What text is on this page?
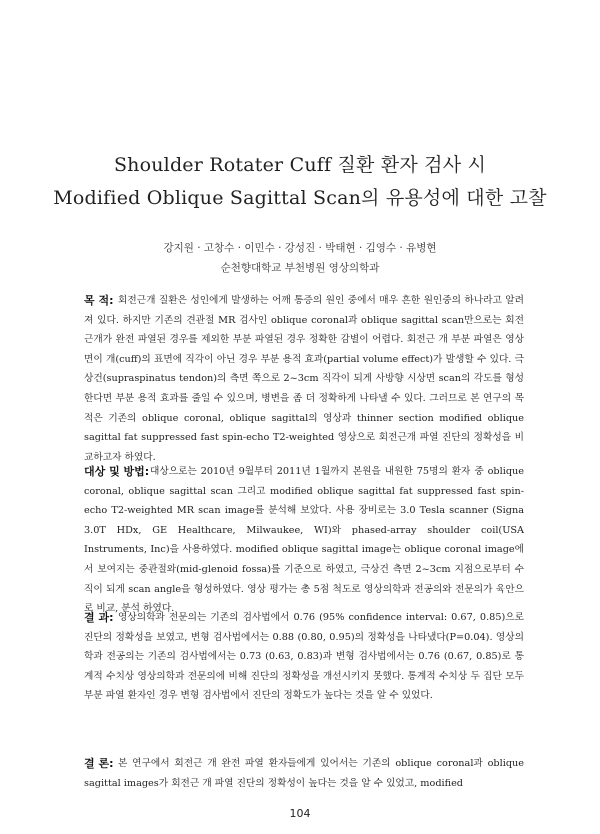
Shoulder Rotater Cuff 질환 환자 검사 시
Modified Oblique Sagittal Scan의 유용성에 대한 고찰
강지원 · 고창수 · 이민수 · 강성진 · 박태현 · 김영수 · 유병현
순천향대학교 부천병원 영상의학과
목 적: 회전근개 질환은 성인에게 발생하는 어깨 통증의 원인 중에서 매우 흔한 원인중의 하나라고 알려져 있다. 하지만 기존의 견관절 MR 검사인 oblique coronal과 oblique sagittal scan만으로는 회전근개가 완전 파열된 경우를 제외한 부분 파열된 경우 정확한 감별이 어렵다. 회전근 개 부분 파열은 영상 면이 개(cuff)의 표면에 직각이 아닌 경우 부분 용적 효과(partial volume effect)가 발생할 수 있다. 극상건(supraspinatus tendon)의 측면 쪽으로 2~3cm 직각이 되게 사방향 시상면 scan의 각도를 형성 한다면 부분 용적 효과를 줄일 수 있으며, 병변을 좀 더 정확하게 나타낼 수 있다. 그러므로 본 연구의 목적은 기존의 oblique coronal, oblique sagittal의 영상과 thinner section modified oblique sagittal fat suppressed fast spin-echo T2-weighted 영상으로 회전근개 파열 진단의 정확성을 비교하고자 하였다.

대상 및 방법: 대상으로는 2010년 9월부터 2011년 1월까지 본원을 내원한 75명의 환자 중 oblique coronal, oblique sagittal scan 그리고 modified oblique sagittal fat suppressed fast spin-echo T2-weighted MR scan image를 분석해 보았다. 사용 장비로는 3.0 Tesla scanner (Signa 3.0T HDx, GE Healthcare, Milwaukee, WI)와 phased-array shoulder coil(USA Instruments, Inc)을 사용하였다. modified oblique sagittal image는 oblique coronal image에서 보여지는 중관절와(mid-glenoid fossa)를 기준으로 하였고, 극상건 측면 2~3cm 지점으로부터 수직이 되게 scan angle을 형성하였다. 영상 평가는 총 5점 척도로 영상의학과 전공의와 전문의가 육안으로 비교, 분석 하였다.

결 과: 영상의학과 전문의는 기존의 검사법에서 0.76 (95% confidence interval: 0.67, 0.85)으로 진단의 정확성을 보였고, 변형 검사법에서는 0.88 (0.80, 0.95)의 정확성을 나타냈다(P=0.04). 영상의학과 전공의는 기존의 검사법에서는 0.73 (0.63, 0.83)과 변형 검사법에서는 0.76 (0.67, 0.85)로 통계적 수치상 영상의학과 전문의에 비해 진단의 정확성을 개선시키지 못했다. 통계적 수치상 두 집단 모두 부분 파열 환자인 경우 변형 검사법에서 진단의 정확도가 높다는 것을 알 수 있었다.

결 론: 본 연구에서 회전근 개 완전 파열 환자들에게 있어서는 기존의 oblique coronal과 oblique sagittal images가 회전근 개 파열 진단의 정확성이 높다는 것을 알 수 있었고, modified

104
